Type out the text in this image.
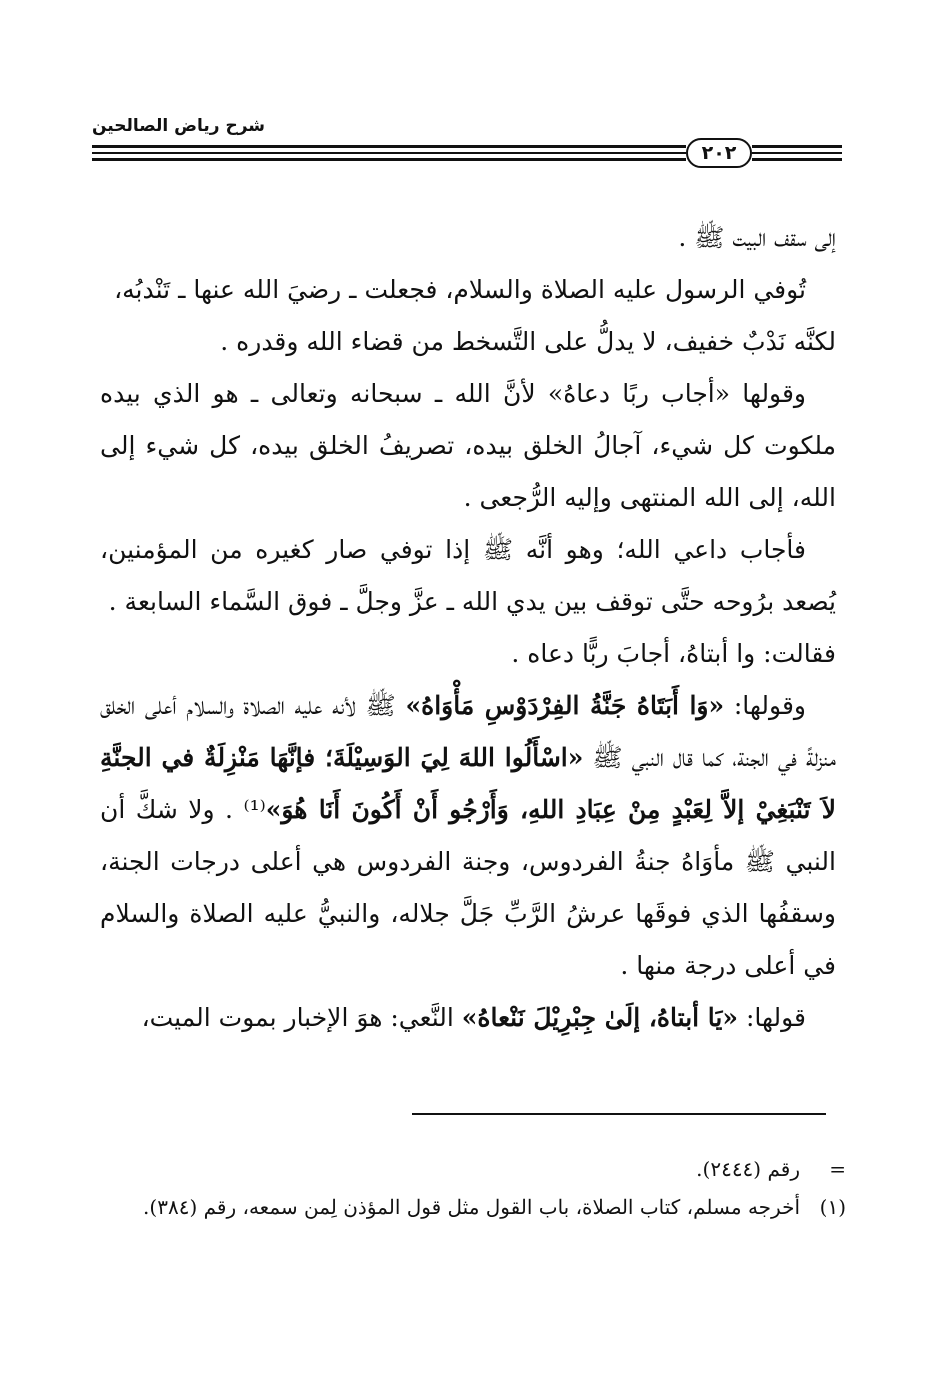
شرح رياض الصالحين
٢٠٢

إلى سقف البيت ﷺ .

تُوفي الرسول عليه الصلاة والسلام، فجعلت ـ رضيَ الله عنها ـ تَنْدبُه،

لكنَّه نَدْبٌ خفيف، لا يدلُّ على التَّسخط من قضاء الله وقدره .

وقولها «أجاب ربًا دعاهُ» لأنَّ الله ـ سبحانه وتعالى ـ هو الذي بيده ملكوت كل شيء، آجالُ الخلق بيده، تصريفُ الخلق بيده، كل شيء إلى الله، إلى الله المنتهى وإليه الرُّجعى .

فأجاب داعي الله؛ وهو أنَّه ﷺ إذا توفي صار كغيره من المؤمنين، يُصعد برُوحه حتَّى توقف بين يدي الله ـ عزَّ وجلَّ ـ فوق السَّماء السابعة .

فقالت: وا أبتاهُ، أجابَ ربًّا دعاه .

وقولها: «وَا أَبَتَاهُ جَنَّةُ الفِرْدَوْسِ مَأْوَاهُ» ﷺ لأنه عليه الصلاة والسلام أعلى الخلق منزلةً في الجنة، كما قال النبي ﷺ «اسْأَلُوا اللهَ لِيَ الوَسِيْلَةَ؛ فإنَّهَا مَنْزِلَةٌ في الجنَّةِ لاَ تَنْبَغِيْ إلاَّ لِعَبْدٍ مِنْ عِبَادِ اللهِ، وَأَرْجُو أَنْ أَكُونَ أَنَا هُوَ»⁽¹⁾ . ولا شكَّ أن النبي ﷺ مأوَاهُ جنةُ الفردوس، وجنة الفردوس هي أعلى درجات الجنة، وسقفُها الذي فوقَها عرشُ الرَّبِّ جَلَّ جلاله، والنبيُّ عليه الصلاة والسلام في أعلى درجة منها .

قولها: «يَا أبتاهُ، إلَىٰ جِبْرِيْلَ نَنْعاهُ» النَّعي: هوَ الإخبار بموت الميت،

=
رقم (٢٤٤٤).
(١)
أخرجه مسلم، كتاب الصلاة، باب القول مثل قول المؤذن لِمن سمعه، رقم (٣٨٤).
